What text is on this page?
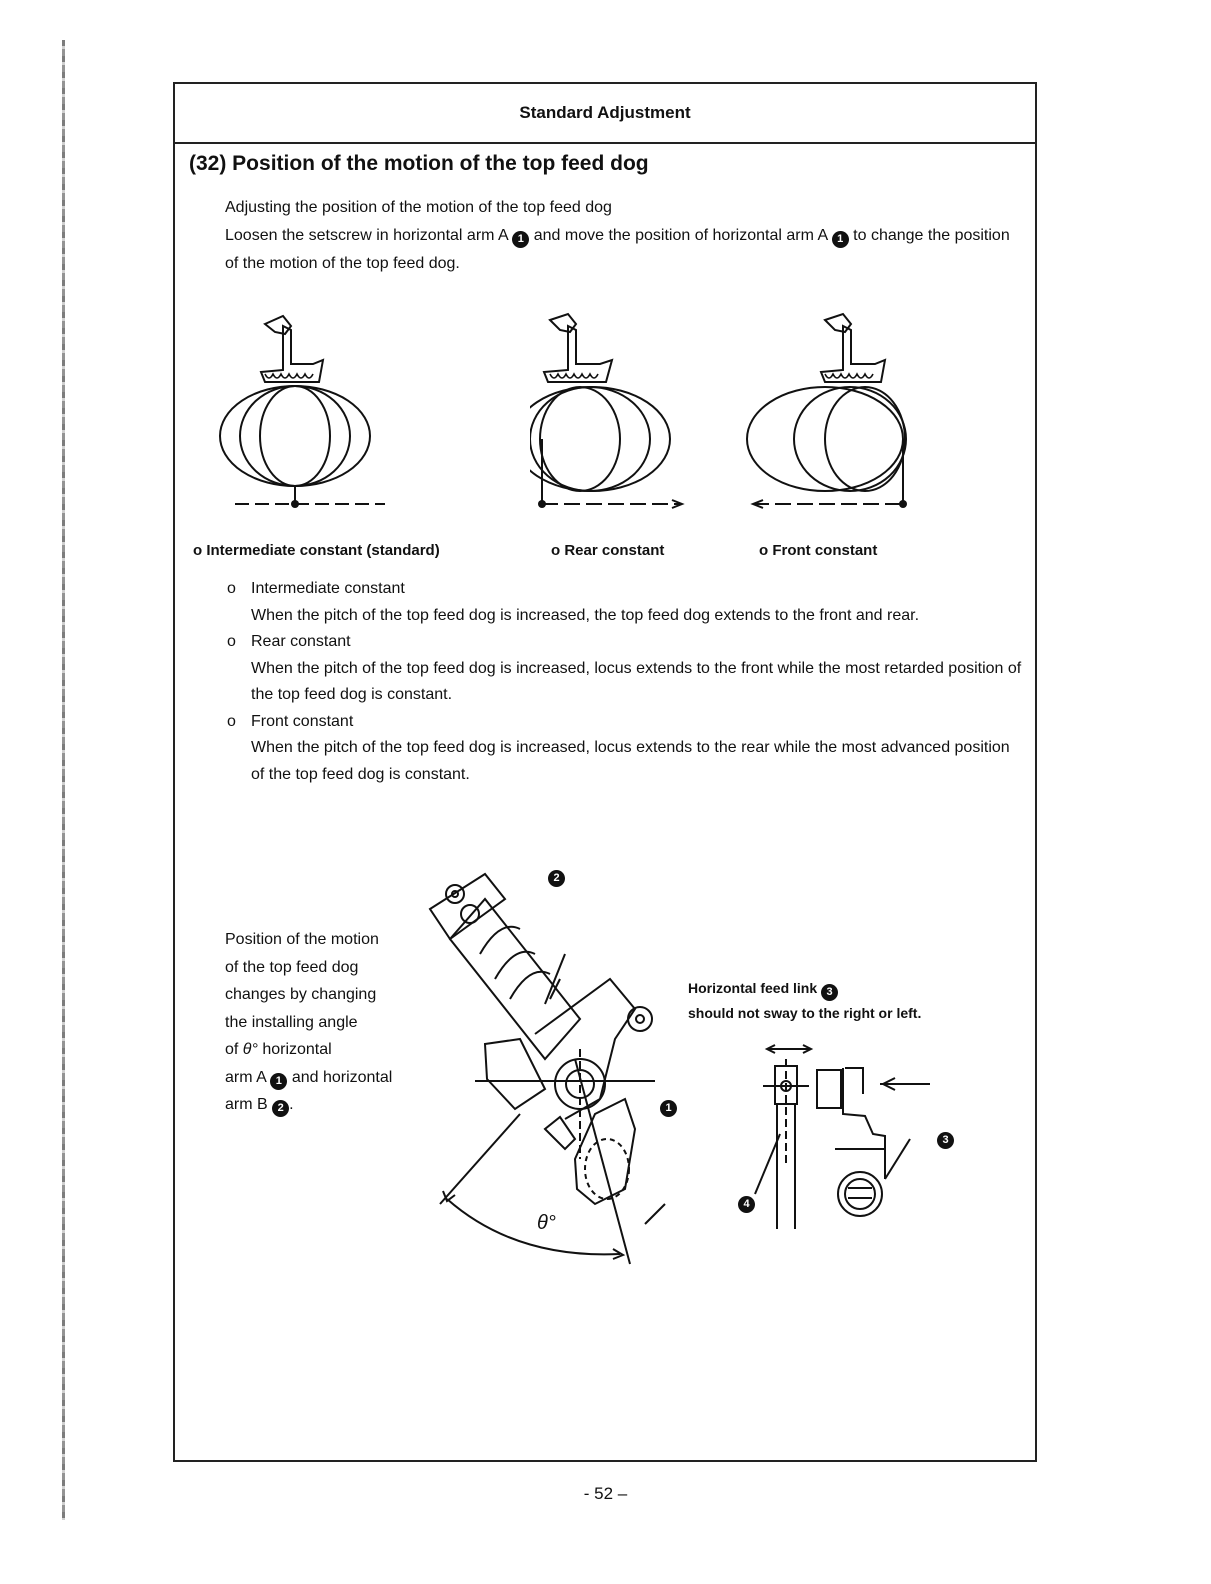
Standard Adjustment
(32) Position of the motion of the top feed dog

Adjusting the position of the motion of the top feed dog

Loosen the setscrew in horizontal arm A 1 and move the position of horizontal arm A 1 to change the position of the motion of the top feed dog.

o Intermediate constant (standard)	o Rear constant	o Front constant
o Intermediate constant
When the pitch of the top feed dog is increased, the top feed dog extends to the front and rear.
o Rear constant
When the pitch of the top feed dog is increased, locus extends to the front while the most retarded position of the top feed dog is constant.
o Front constant
When the pitch of the top feed dog is increased, locus extends to the rear while the most advanced position of the top feed dog is constant.

Position of the motion

of the top feed dog

changes by changing

the installing angle

of θ° horizontal

arm A 1 and horizontal

arm B 2 .

2
1
θ°

Horizontal feed link 3

should not sway to the right or left.

3
4
- 52 –
